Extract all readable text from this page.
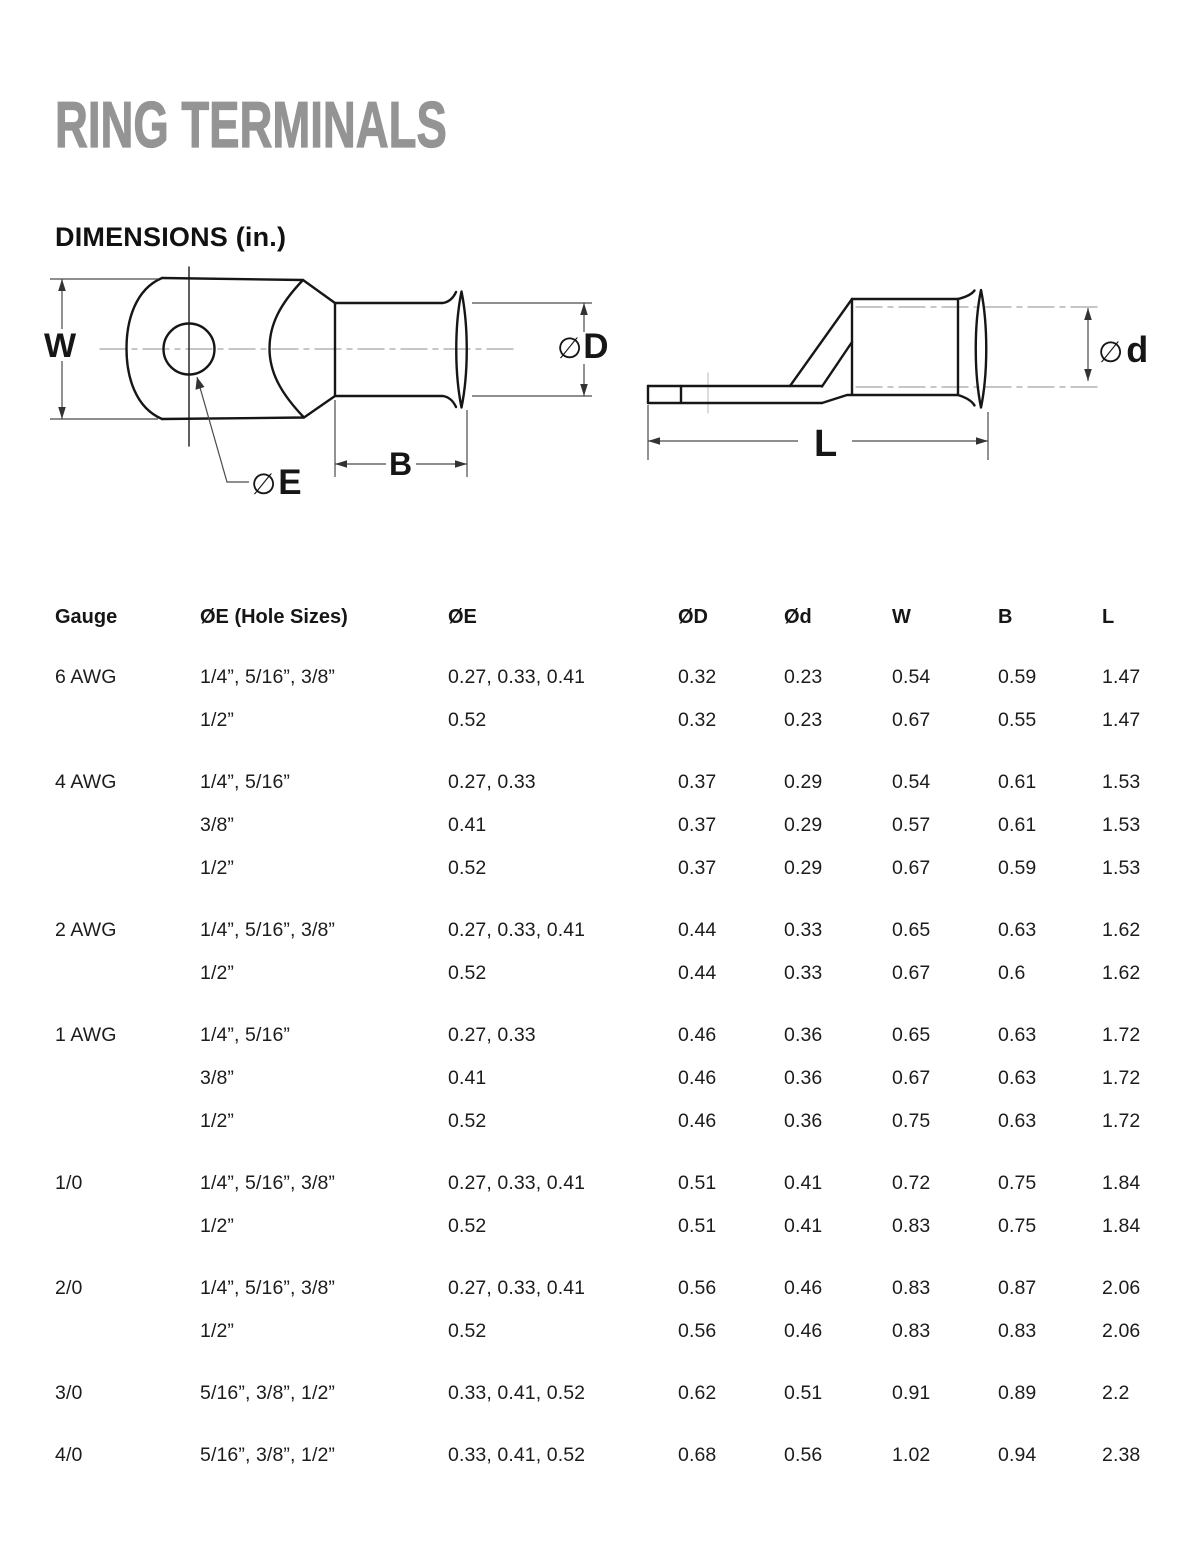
RING TERMINALS
DIMENSIONS (in.)
W	∅D
B
∅E
∅d
L
Gauge	ØE (Hole Sizes)	ØE	ØD	Ød	W	B	L
6 AWG	1/4”, 5/16”, 3/8”	0.27, 0.33, 0.41	0.32	0.23	0.54	0.59	1.47
1/2”	0.52	0.32	0.23	0.67	0.55	1.47
4 AWG	1/4”, 5/16”	0.27, 0.33	0.37	0.29	0.54	0.61	1.53
3/8”	0.41	0.37	0.29	0.57	0.61	1.53
1/2”	0.52	0.37	0.29	0.67	0.59	1.53
2 AWG	1/4”, 5/16”, 3/8”	0.27, 0.33, 0.41	0.44	0.33	0.65	0.63	1.62
1/2”	0.52	0.44	0.33	0.67	0.6	1.62
1 AWG	1/4”, 5/16”	0.27, 0.33	0.46	0.36	0.65	0.63	1.72
3/8”	0.41	0.46	0.36	0.67	0.63	1.72
1/2”	0.52	0.46	0.36	0.75	0.63	1.72
1/0	1/4”, 5/16”, 3/8”	0.27, 0.33, 0.41	0.51	0.41	0.72	0.75	1.84
1/2”	0.52	0.51	0.41	0.83	0.75	1.84
2/0	1/4”, 5/16”, 3/8”	0.27, 0.33, 0.41	0.56	0.46	0.83	0.87	2.06
1/2”	0.52	0.56	0.46	0.83	0.83	2.06
3/0	5/16”, 3/8”, 1/2”	0.33, 0.41, 0.52	0.62	0.51	0.91	0.89	2.2
4/0	5/16”, 3/8”, 1/2”	0.33, 0.41, 0.52	0.68	0.56	1.02	0.94	2.38
